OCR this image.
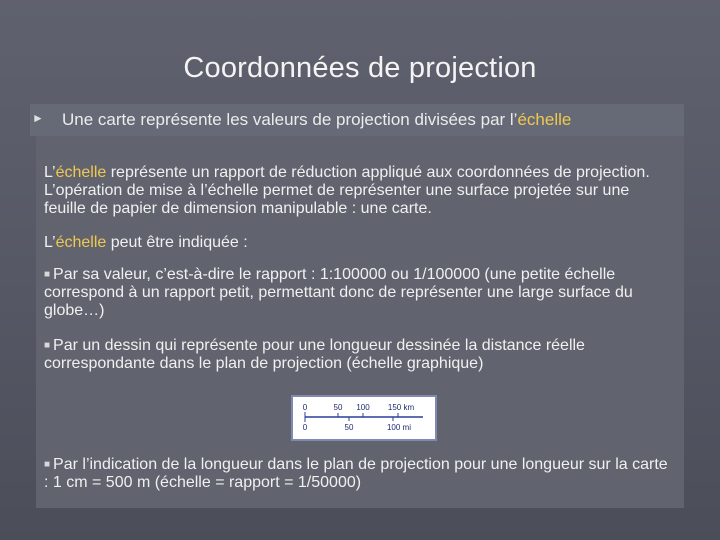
Coordonnées de projection
► Une carte représente les valeurs de projection divisées par l’échelle
L’échelle représente un rapport de réduction appliqué aux coordonnées de projection. L’opération de mise à l’échelle permet de représenter une surface projetée sur une feuille de papier de dimension manipulable : une carte.
L’échelle peut être indiquée :
■ Par sa valeur, c’est-à-dire le rapport : 1:100000 ou 1/100000 (une petite échelle correspond à un rapport petit, permettant donc de représenter une large surface du globe…)
■ Par un dessin qui représente pour une longueur dessinée la distance réelle correspondante dans le plan de projection (échelle graphique)
0	50 100 150 km
0	50	100 mi
■ Par l’indication de la longueur dans le plan de projection pour une longueur sur la carte : 1 cm = 500 m (échelle = rapport = 1/50000)
